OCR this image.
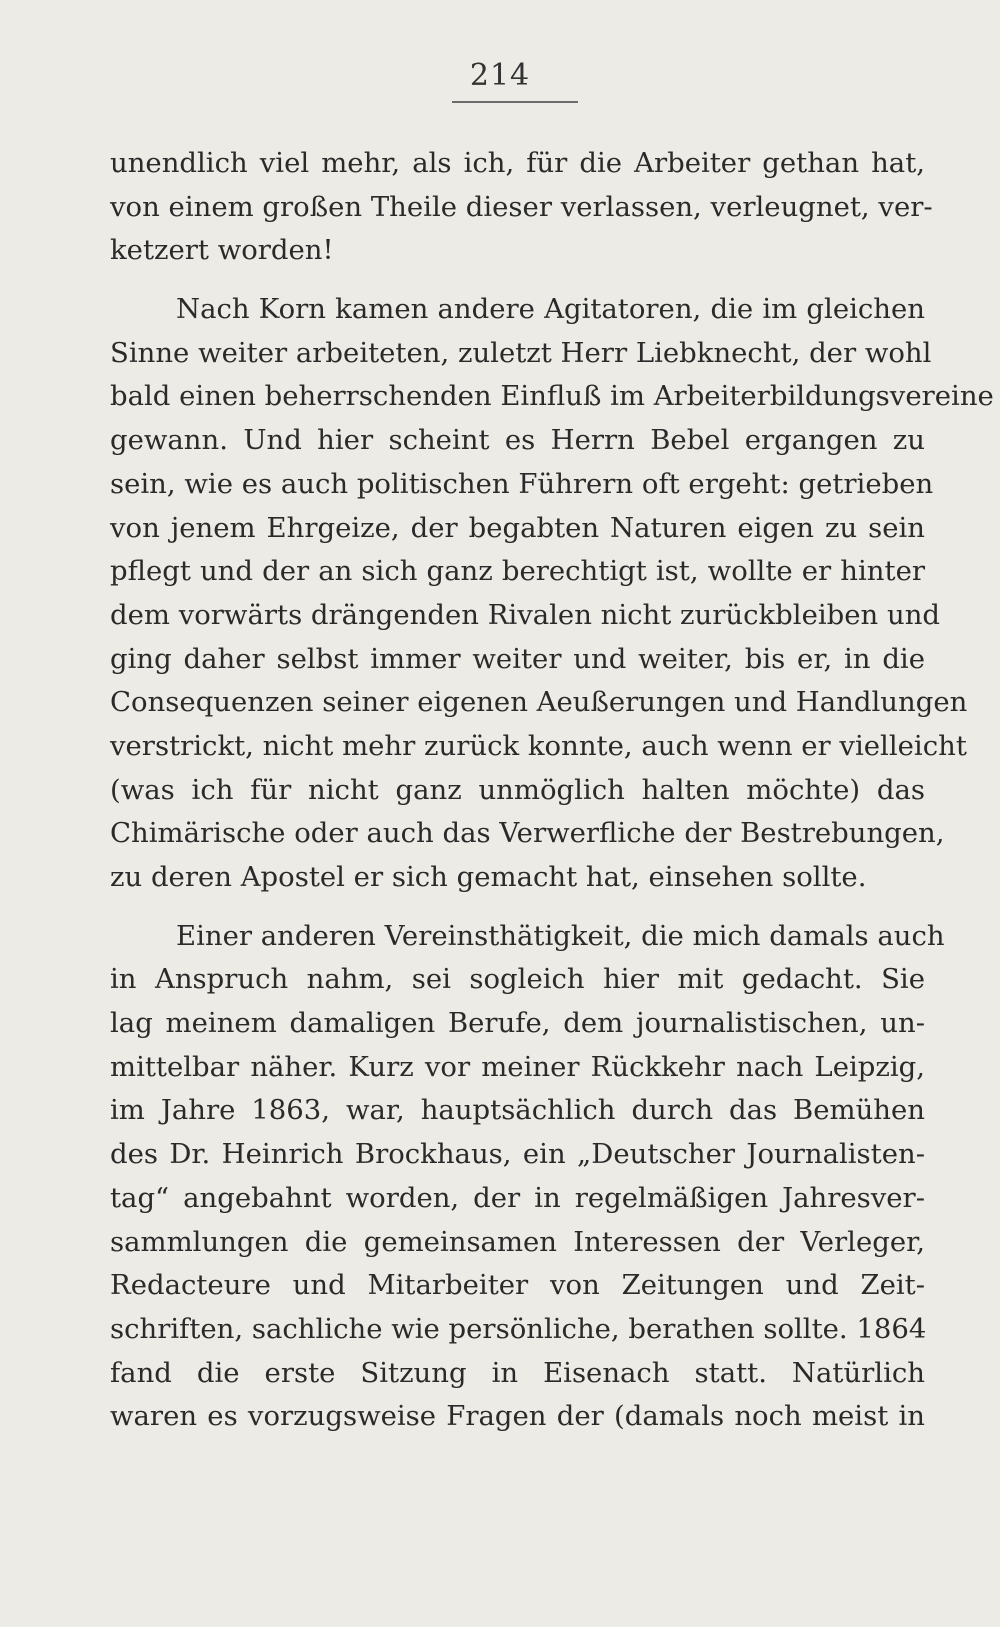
214
unendlich viel mehr, als ich, für die Arbeiter gethan hat,
von einem großen Theile dieser verlassen, verleugnet, ver-
ketzert worden!
Nach Korn kamen andere Agitatoren, die im gleichen
Sinne weiter arbeiteten, zuletzt Herr Liebknecht, der wohl
bald einen beherrschenden Einfluß im Arbeiterbildungsvereine
gewann. Und hier scheint es Herrn Bebel ergangen zu
sein, wie es auch politischen Führern oft ergeht: getrieben
von jenem Ehrgeize, der begabten Naturen eigen zu sein
pflegt und der an sich ganz berechtigt ist, wollte er hinter
dem vorwärts drängenden Rivalen nicht zurückbleiben und
ging daher selbst immer weiter und weiter, bis er, in die
Consequenzen seiner eigenen Aeußerungen und Handlungen
verstrickt, nicht mehr zurück konnte, auch wenn er vielleicht
(was ich für nicht ganz unmöglich halten möchte) das
Chimärische oder auch das Verwerfliche der Bestrebungen,
zu deren Apostel er sich gemacht hat, einsehen sollte.
Einer anderen Vereinsthätigkeit, die mich damals auch
in Anspruch nahm, sei sogleich hier mit gedacht. Sie
lag meinem damaligen Berufe, dem journalistischen, un-
mittelbar näher. Kurz vor meiner Rückkehr nach Leipzig,
im Jahre 1863, war, hauptsächlich durch das Bemühen
des Dr. Heinrich Brockhaus, ein „Deutscher Journalisten-
tag“ angebahnt worden, der in regelmäßigen Jahresver-
sammlungen die gemeinsamen Interessen der Verleger,
Redacteure und Mitarbeiter von Zeitungen und Zeit-
schriften, sachliche wie persönliche, berathen sollte. 1864
fand die erste Sitzung in Eisenach statt. Natürlich
waren es vorzugsweise Fragen der (damals noch meist in
